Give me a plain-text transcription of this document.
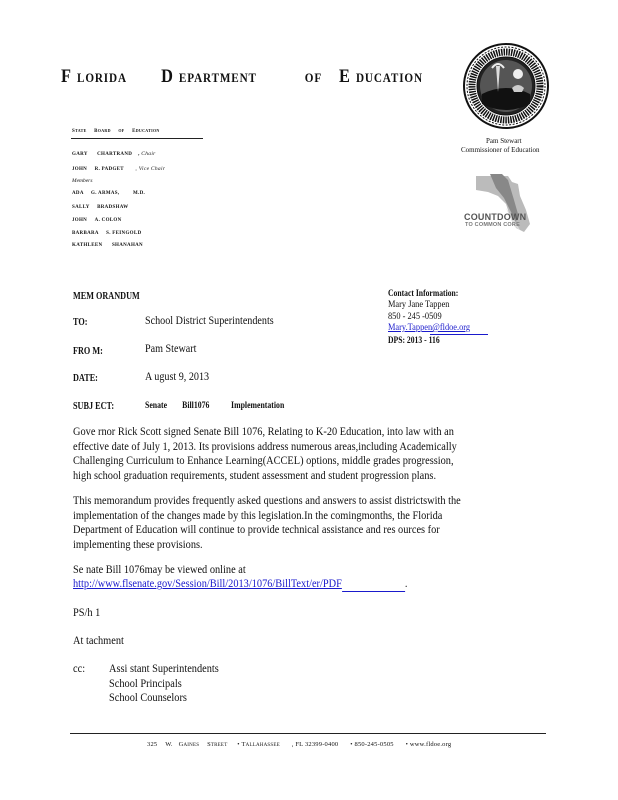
F LORIDA D EPARTMENT	OF E DUCATION
STATE BOARD OF EDUCATION
GARY CHARTRAND , Chair
JOHN R. PADGET , Vice Chair
Members
ADA G. ARMAS,	M.D.
SALLY BRADSHAW
JOHN A. COLON
BARBARA S. FEINGOLD
KATHLEEN SHANAHAN
Pam Stewart
Commissioner of Education
COUNTDOWN
TO COMMON CORE
MEM ORANDUM	Contact Information:
Mary Jane Tappen
850 - 245 -0509
Mary.Tappen@fldoe.org
DPS: 2013 - 116
TO:	School District Superintendents
FRO M:	Pam Stewart
DATE:	A ugust 9, 2013
SUBJ ECT:	Senate Bill1076 Implementation
Gove rnor Rick Scott signed Senate Bill 1076, Relating to K-20 Education, into law with an
effective date of July 1, 2013. Its provisions address numerous areas,including Academically
Challenging Curriculum to Enhance Learning(ACCEL) options, middle grades progression,
high school graduation requirements, student assessment and student progression plans.
This memorandum provides frequently asked questions and answers to assist districtswith the
implementation of the changes made by this legislation.In the comingmonths, the Florida
Department of Education will continue to provide technical assistance and res ources for
implementing these provisions.
Se nate Bill 1076may be viewed online at
http://www.flsenate.gov/Session/Bill/2013/1076/BillText/er/PDF	.
PS/h 1
At tachment
cc: Assi stant Superintendents
School Principals
School Counselors
325 W. GAINES STREET • TALLAHASSEE , FL 32399-0400 • 850-245-0505 • www.fldoe.org
